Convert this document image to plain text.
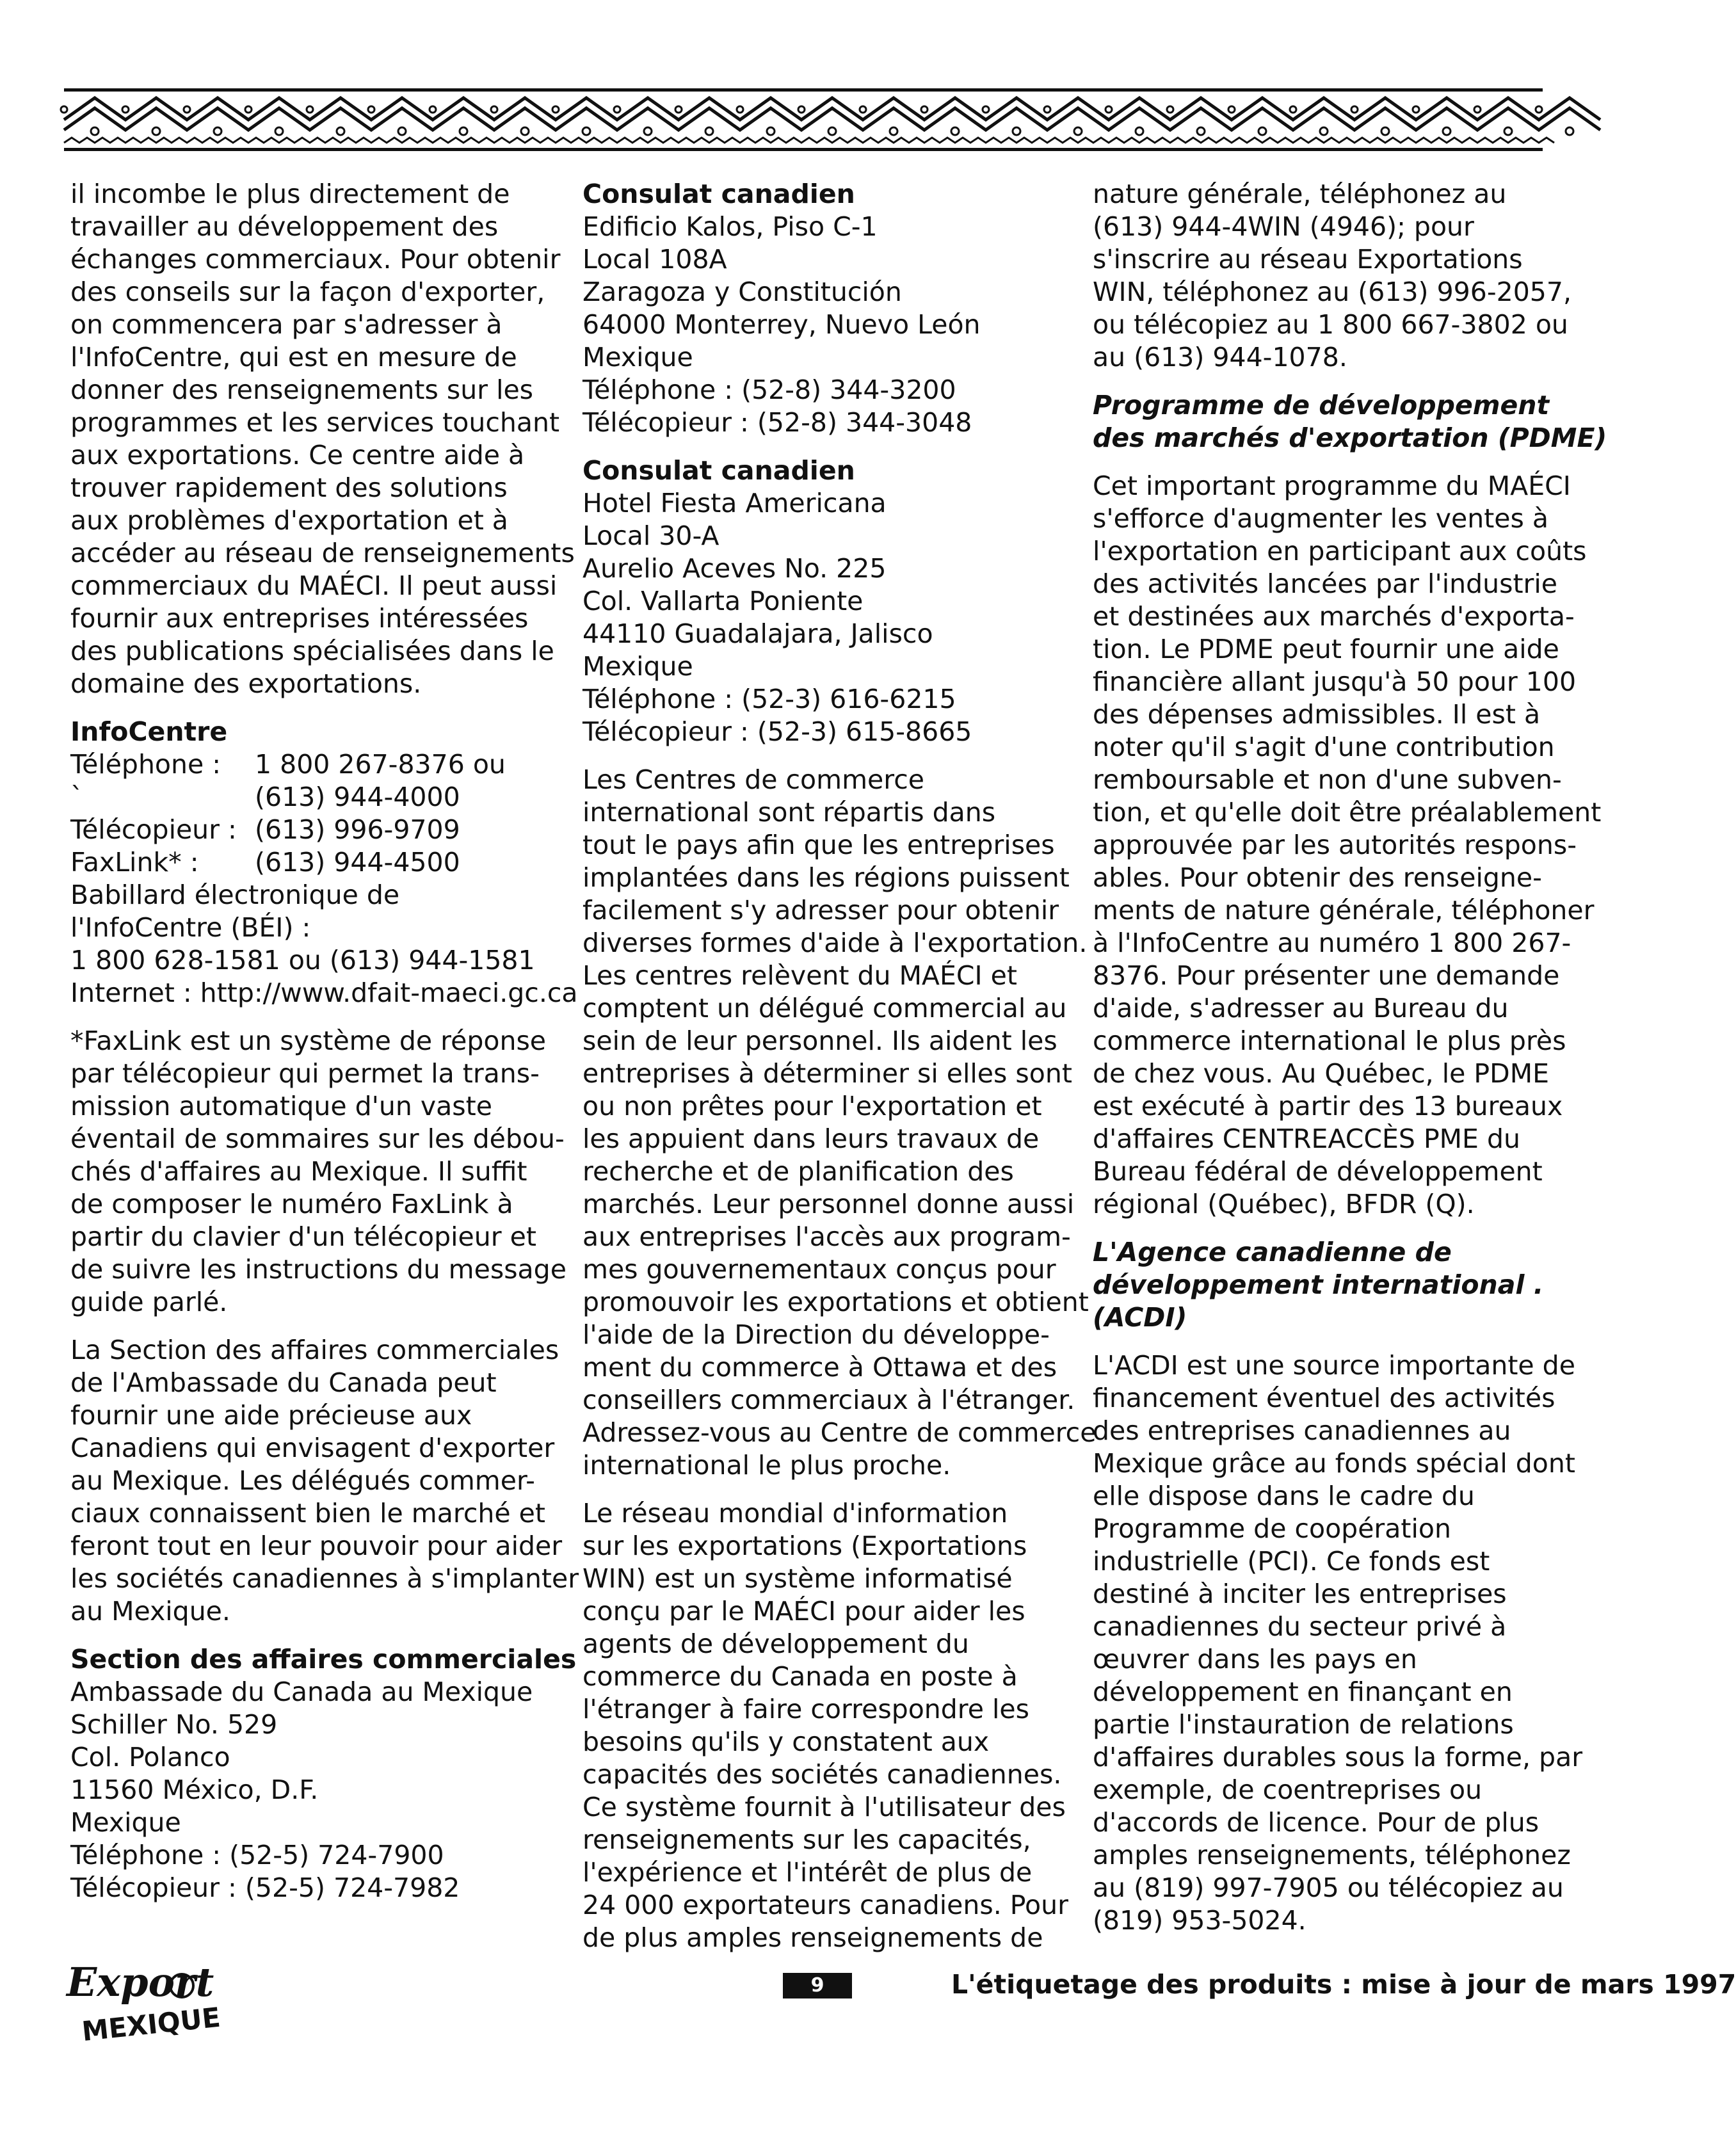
il incombe le plus directement de
travailler au développement des
échanges commerciaux. Pour obtenir
des conseils sur la façon d'exporter,
on commencera par s'adresser à
l'InfoCentre, qui est en mesure de
donner des renseignements sur les
programmes et les services touchant
aux exportations. Ce centre aide à
trouver rapidement des solutions
aux problèmes d'exportation et à
accéder au réseau de renseignements
commerciaux du MAÉCI. Il peut aussi
fournir aux entreprises intéressées
des publications spécialisées dans le
domaine des exportations.

InfoCentre
Téléphone :	1 800 267-8376 ou
`	(613) 944-4000
Télécopieur : (613) 996-9709
FaxLink* :	(613) 944-4500
Babillard électronique de
l'InfoCentre (BÉI) :
1 800 628-1581 ou (613) 944-1581
Internet : http://www.dfait-maeci.gc.ca

*FaxLink est un système de réponse
par télécopieur qui permet la trans-
mission automatique d'un vaste
éventail de sommaires sur les débou-
chés d'affaires au Mexique. Il suffit
de composer le numéro FaxLink à
partir du clavier d'un télécopieur et
de suivre les instructions du message
guide parlé.

La Section des affaires commerciales
de l'Ambassade du Canada peut
fournir une aide précieuse aux
Canadiens qui envisagent d'exporter
au Mexique. Les délégués commer-
ciaux connaissent bien le marché et
feront tout en leur pouvoir pour aider
les sociétés canadiennes à s'implanter
au Mexique.

Section des affaires commerciales
Ambassade du Canada au Mexique
Schiller No. 529
Col. Polanco
11560 México, D.F.
Mexique
Téléphone : (52-5) 724-7900
Télécopieur : (52-5) 724-7982

Consulat canadien
Edificio Kalos, Piso C-1
Local 108A
Zaragoza y Constitución
64000 Monterrey, Nuevo León
Mexique
Téléphone : (52-8) 344-3200
Télécopieur : (52-8) 344-3048

Consulat canadien
Hotel Fiesta Americana
Local 30-A
Aurelio Aceves No. 225
Col. Vallarta Poniente
44110 Guadalajara, Jalisco
Mexique
Téléphone : (52-3) 616-6215
Télécopieur : (52-3) 615-8665

Les Centres de commerce
international sont répartis dans
tout le pays afin que les entreprises
implantées dans les régions puissent
facilement s'y adresser pour obtenir
diverses formes d'aide à l'exportation.
Les centres relèvent du MAÉCI et
comptent un délégué commercial au
sein de leur personnel. Ils aident les
entreprises à déterminer si elles sont
ou non prêtes pour l'exportation et
les appuient dans leurs travaux de
recherche et de planification des
marchés. Leur personnel donne aussi
aux entreprises l'accès aux program-
mes gouvernementaux conçus pour
promouvoir les exportations et obtient
l'aide de la Direction du développe-
ment du commerce à Ottawa et des
conseillers commerciaux à l'étranger.
Adressez-vous au Centre de commerce
international le plus proche.

Le réseau mondial d'information
sur les exportations (Exportations
WIN) est un système informatisé
conçu par le MAÉCI pour aider les
agents de développement du
commerce du Canada en poste à
l'étranger à faire correspondre les
besoins qu'ils y constatent aux
capacités des sociétés canadiennes.
Ce système fournit à l'utilisateur des
renseignements sur les capacités,
l'expérience et l'intérêt de plus de
24 000 exportateurs canadiens. Pour
de plus amples renseignements de

nature générale, téléphonez au
(613) 944-4WIN (4946); pour
s'inscrire au réseau Exportations
WIN, téléphonez au (613) 996-2057,
ou télécopiez au 1 800 667-3802 ou
au (613) 944-1078.

Programme de développement
des marchés d'exportation (PDME)

Cet important programme du MAÉCI
s'efforce d'augmenter les ventes à
l'exportation en participant aux coûts
des activités lancées par l'industrie
et destinées aux marchés d'exporta-
tion. Le PDME peut fournir une aide
financière allant jusqu'à 50 pour 100
des dépenses admissibles. Il est à
noter qu'il s'agit d'une contribution
remboursable et non d'une subven-
tion, et qu'elle doit être préalablement
approuvée par les autorités respons-
ables. Pour obtenir des renseigne-
ments de nature générale, téléphoner
à l'InfoCentre au numéro 1 800 267-
8376. Pour présenter une demande
d'aide, s'adresser au Bureau du
commerce international le plus près
de chez vous. Au Québec, le PDME
est exécuté à partir des 13 bureaux
d'affaires CENTREACCÈS PME du
Bureau fédéral de développement
régional (Québec), BFDR (Q).

L'Agence canadienne de
développement international .
(ACDI)

L'ACDI est une source importante de
financement éventuel des activités
des entreprises canadiennes au
Mexique grâce au fonds spécial dont
elle dispose dans le cadre du
Programme de coopération
industrielle (PCI). Ce fonds est
destiné à inciter les entreprises
canadiennes du secteur privé à
œuvrer dans les pays en
développement en finançant en
partie l'instauration de relations
d'affaires durables sous la forme, par
exemple, de coentreprises ou
d'accords de licence. Pour de plus
amples renseignements, téléphonez
au (819) 997-7905 ou télécopiez au
(819) 953-5024.

Export
MEXIQUE
9	L'étiquetage des produits : mise à jour de mars 1997
